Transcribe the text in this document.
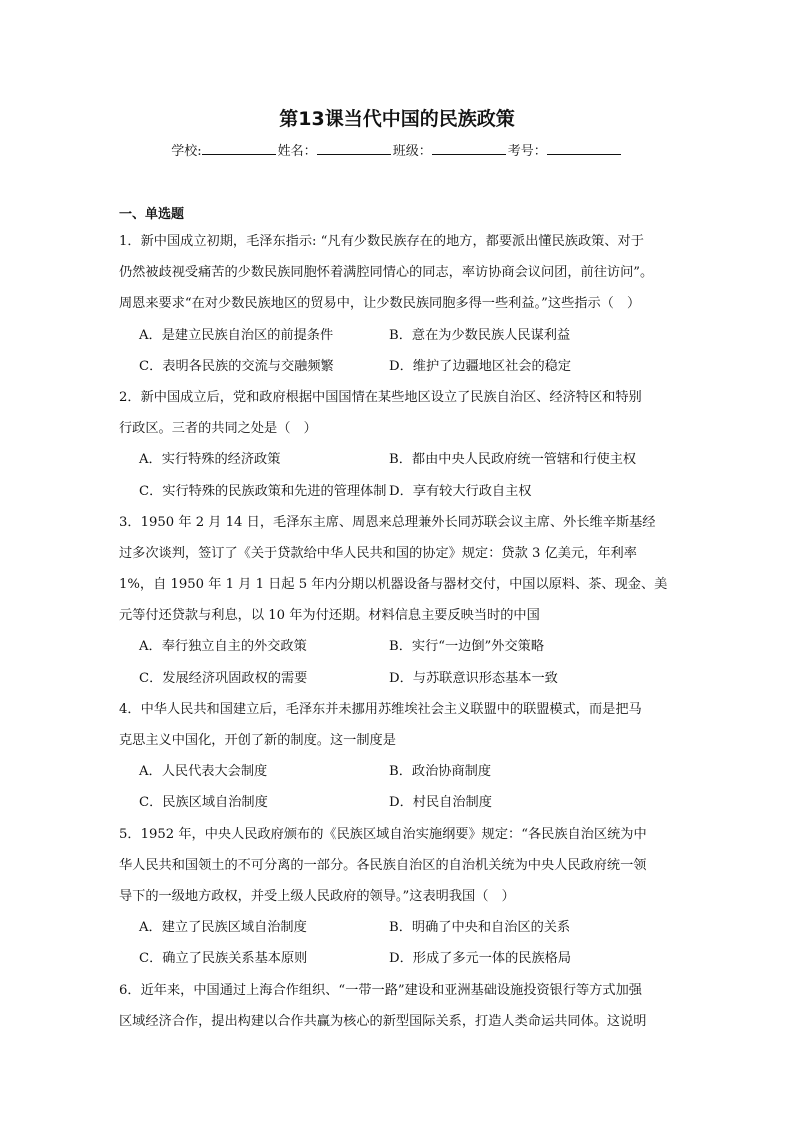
第13课当代中国的民族政策
学校:	姓名：	班级：	考号：
一、单选题
1．新中国成立初期，毛泽东指示: “凡有少数民族存在的地方，都要派出懂民族政策、对于
仍然被歧视受痛苦的少数民族同胞怀着满腔同情心的同志，率访协商会议问团，前往访问”。
周恩来要求“在对少数民族地区的贸易中，让少数民族同胞多得一些利益。”这些指示（　）
A．是建立民族自治区的前提条件	B．意在为少数民族人民谋利益
C．表明各民族的交流与交融频繁	D．维护了边疆地区社会的稳定
2．新中国成立后，党和政府根据中国国情在某些地区设立了民族自治区、经济特区和特别
行政区。三者的共同之处是（　）
A．实行特殊的经济政策	B．都由中央人民政府统一管辖和行使主权
C．实行特殊的民族政策和先进的管理体制 D．享有较大行政自主权
3．1950 年 2 月 14 日，毛泽东主席、周恩来总理兼外长同苏联会议主席、外长维辛斯基经
过多次谈判，签订了《关于贷款给中华人民共和国的协定》规定：贷款 3 亿美元，年利率
1%，自 1950 年 1 月 1 日起 5 年内分期以机器设备与器材交付，中国以原料、茶、现金、美
元等付还贷款与利息，以 10 年为付还期。材料信息主要反映当时的中国
A．奉行独立自主的外交政策	B．实行“一边倒”外交策略
C．发展经济巩固政权的需要	D．与苏联意识形态基本一致
4．中华人民共和国建立后，毛泽东并未挪用苏维埃社会主义联盟中的联盟模式，而是把马
克思主义中国化，开创了新的制度。这一制度是
A．人民代表大会制度	B．政治协商制度
C．民族区域自治制度	D．村民自治制度
5．1952 年，中央人民政府颁布的《民族区域自治实施纲要》规定：“各民族自治区统为中
华人民共和国领土的不可分离的一部分。各民族自治区的自治机关统为中央人民政府统一领
导下的一级地方政权，并受上级人民政府的领导。”这表明我国（　）
A．建立了民族区域自治制度	B．明确了中央和自治区的关系
C．确立了民族关系基本原则	D．形成了多元一体的民族格局
6．近年来，中国通过上海合作组织、“一带一路”建设和亚洲基础设施投资银行等方式加强
区域经济合作，提出构建以合作共赢为核心的新型国际关系，打造人类命运共同体。这说明
